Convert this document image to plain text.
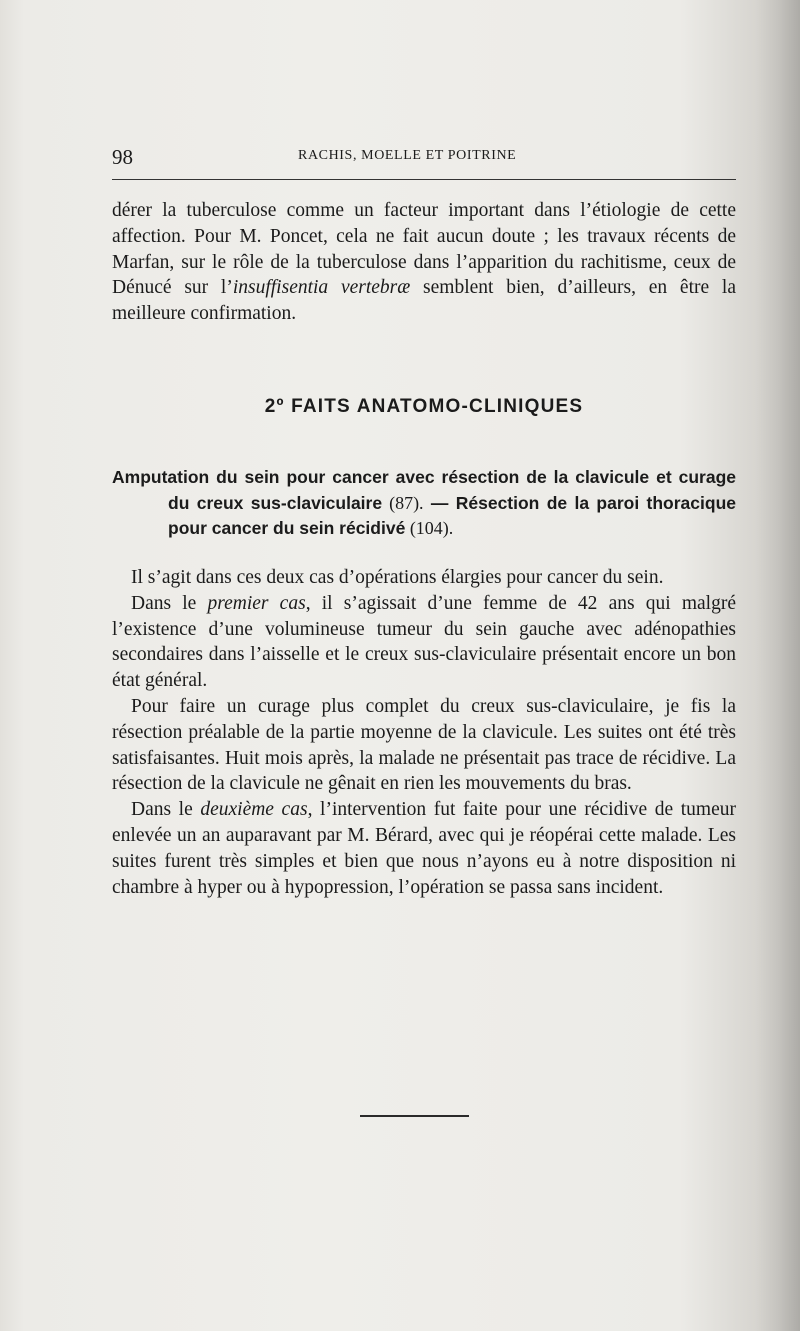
98	RACHIS, MOELLE ET POITRINE

dérer la tuberculose comme un facteur important dans l’étiologie de cette affection. Pour M. Poncet, cela ne fait aucun doute ; les travaux récents de Marfan, sur le rôle de la tuberculose dans l’apparition du rachitisme, ceux de Dénucé sur l’insuffisentia vertebræ semblent bien, d’ailleurs, en être la meilleure confirmation.

2º FAITS ANATOMO-CLINIQUES
Amputation du sein pour cancer avec résection de la clavicule et curage du creux sus-claviculaire (87). — Résection de la paroi thoracique pour cancer du sein récidivé (104).

Il s’agit dans ces deux cas d’opérations élargies pour cancer du sein.

Dans le premier cas, il s’agissait d’une femme de 42 ans qui malgré l’existence d’une volumineuse tumeur du sein gauche avec adénopathies secondaires dans l’aisselle et le creux sus-claviculaire présentait encore un bon état général.

Pour faire un curage plus complet du creux sus-claviculaire, je fis la résection préalable de la partie moyenne de la clavicule. Les suites ont été très satisfaisantes. Huit mois après, la malade ne présentait pas trace de récidive. La résection de la clavicule ne gênait en rien les mouvements du bras.

Dans le deuxième cas, l’intervention fut faite pour une récidive de tumeur enlevée un an auparavant par M. Bérard, avec qui je réopérai cette malade. Les suites furent très simples et bien que nous n’ayons eu à notre disposition ni chambre à hyper ou à hypopression, l’opération se passa sans incident.
